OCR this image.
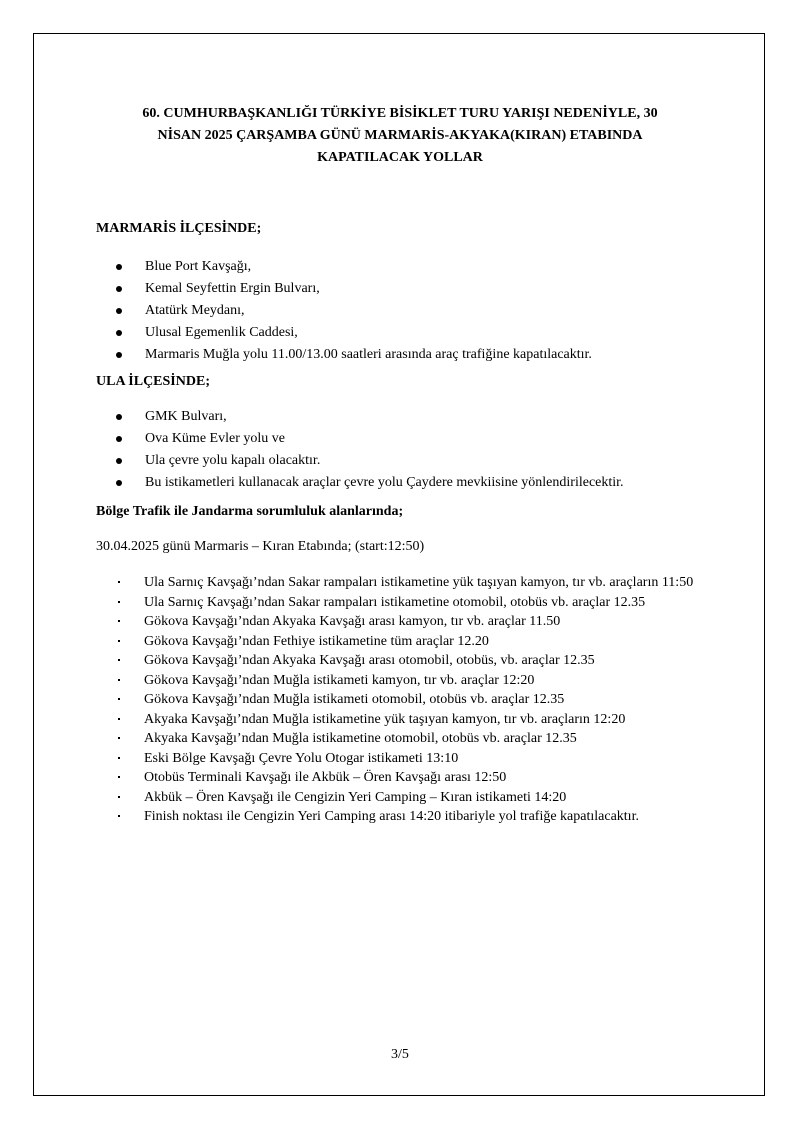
60. CUMHURBAŞKANLIĞI TÜRKİYE BİSİKLET TURU YARIŞI NEDENİYLE, 30
NİSAN 2025 ÇARŞAMBA GÜNÜ MARMARİS-AKYAKA(KIRAN) ETABINDA
KAPATILACAK YOLLAR
MARMARİS İLÇESİNDE;
Blue Port Kavşağı,
Kemal Seyfettin Ergin Bulvarı,
Atatürk Meydanı,
Ulusal Egemenlik Caddesi,
Marmaris Muğla yolu 11.00/13.00 saatleri arasında araç trafiğine kapatılacaktır.
ULA İLÇESİNDE;
GMK Bulvarı,
Ova Küme Evler yolu ve
Ula çevre yolu kapalı olacaktır.
Bu istikametleri kullanacak araçlar çevre yolu Çaydere mevkiisine yönlendirilecektir.
Bölge Trafik ile Jandarma sorumluluk alanlarında;
30.04.2025 günü Marmaris – Kıran Etabında; (start:12:50)
Ula Sarnıç Kavşağı’ndan Sakar rampaları istikametine yük taşıyan kamyon, tır vb. araçların 11:50
Ula Sarnıç Kavşağı’ndan Sakar rampaları istikametine otomobil, otobüs vb. araçlar 12.35
Gökova Kavşağı’ndan Akyaka Kavşağı arası kamyon, tır vb. araçlar 11.50
Gökova Kavşağı’ndan Fethiye istikametine tüm araçlar 12.20
Gökova Kavşağı’ndan Akyaka Kavşağı arası otomobil, otobüs, vb. araçlar 12.35
Gökova Kavşağı’ndan Muğla istikameti kamyon, tır vb. araçlar 12:20
Gökova Kavşağı’ndan Muğla istikameti otomobil, otobüs vb. araçlar 12.35
Akyaka Kavşağı’ndan Muğla istikametine yük taşıyan kamyon, tır vb. araçların 12:20
Akyaka Kavşağı’ndan Muğla istikametine otomobil, otobüs vb. araçlar 12.35
Eski Bölge Kavşağı Çevre Yolu Otogar istikameti 13:10
Otobüs Terminali Kavşağı ile Akbük – Ören Kavşağı arası 12:50
Akbük – Ören Kavşağı ile Cengizin Yeri Camping – Kıran istikameti 14:20
Finish noktası ile Cengizin Yeri Camping arası 14:20 itibariyle yol trafiğe kapatılacaktır.
3/5
